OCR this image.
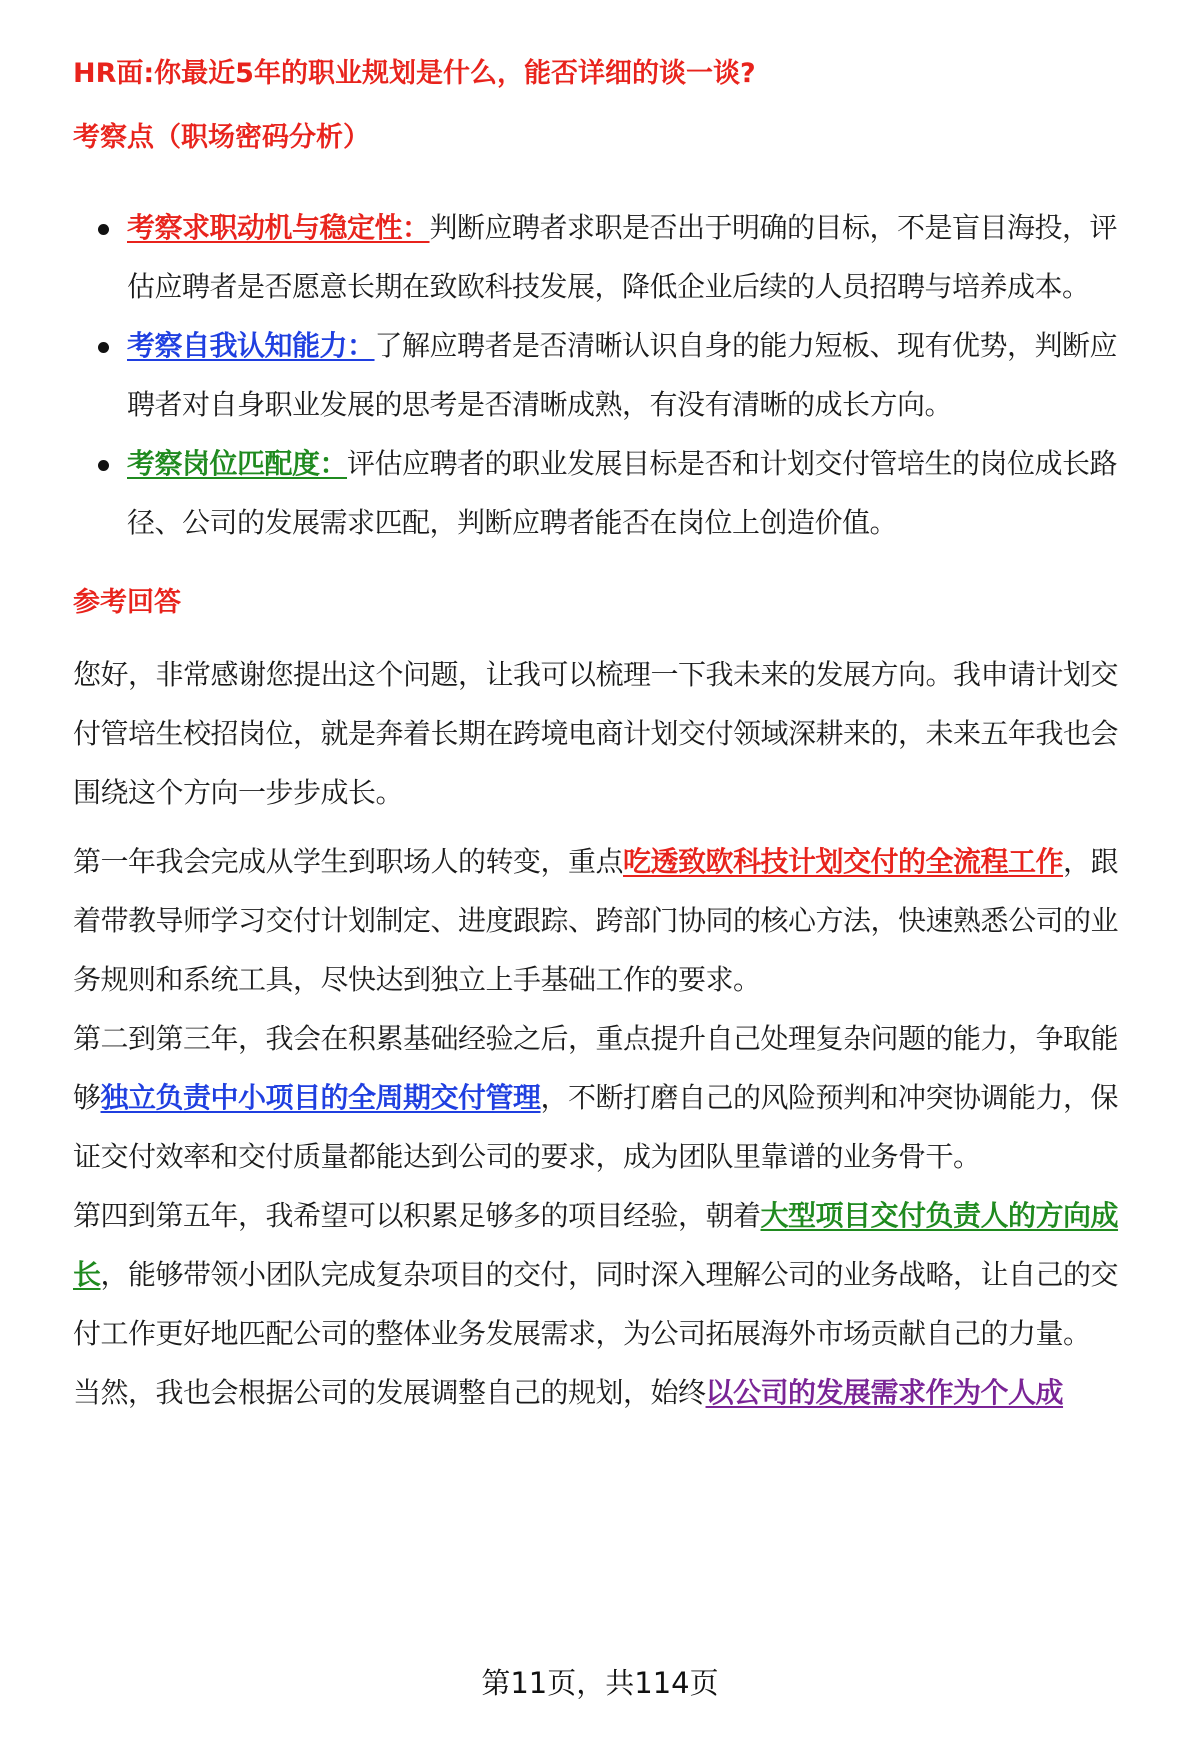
HR面:你最近5年的职业规划是什么，能否详细的谈一谈?
考察点（职场密码分析）
考察求职动机与稳定性：判断应聘者求职是否出于明确的目标，不是盲目海投，评估应聘者是否愿意长期在致欧科技发展，降低企业后续的人员招聘与培养成本。
考察自我认知能力：了解应聘者是否清晰认识自身的能力短板、现有优势，判断应聘者对自身职业发展的思考是否清晰成熟，有没有清晰的成长方向。
考察岗位匹配度：评估应聘者的职业发展目标是否和计划交付管培生的岗位成长路径、公司的发展需求匹配，判断应聘者能否在岗位上创造价值。
参考回答

您好，非常感谢您提出这个问题，让我可以梳理一下我未来的发展方向。我申请计划交付管培生校招岗位，就是奔着长期在跨境电商计划交付领域深耕来的，未来五年我也会围绕这个方向一步步成长。

第一年我会完成从学生到职场人的转变，重点吃透致欧科技计划交付的全流程工作，跟着带教导师学习交付计划制定、进度跟踪、跨部门协同的核心方法，快速熟悉公司的业务规则和系统工具，尽快达到独立上手基础工作的要求。

第二到第三年，我会在积累基础经验之后，重点提升自己处理复杂问题的能力，争取能够独立负责中小项目的全周期交付管理，不断打磨自己的风险预判和冲突协调能力，保证交付效率和交付质量都能达到公司的要求，成为团队里靠谱的业务骨干。

第四到第五年，我希望可以积累足够多的项目经验，朝着大型项目交付负责人的方向成长，能够带领小团队完成复杂项目的交付，同时深入理解公司的业务战略，让自己的交付工作更好地匹配公司的整体业务发展需求，为公司拓展海外市场贡献自己的力量。

当然，我也会根据公司的发展调整自己的规划，始终以公司的发展需求作为个人成

第11页，共114页
